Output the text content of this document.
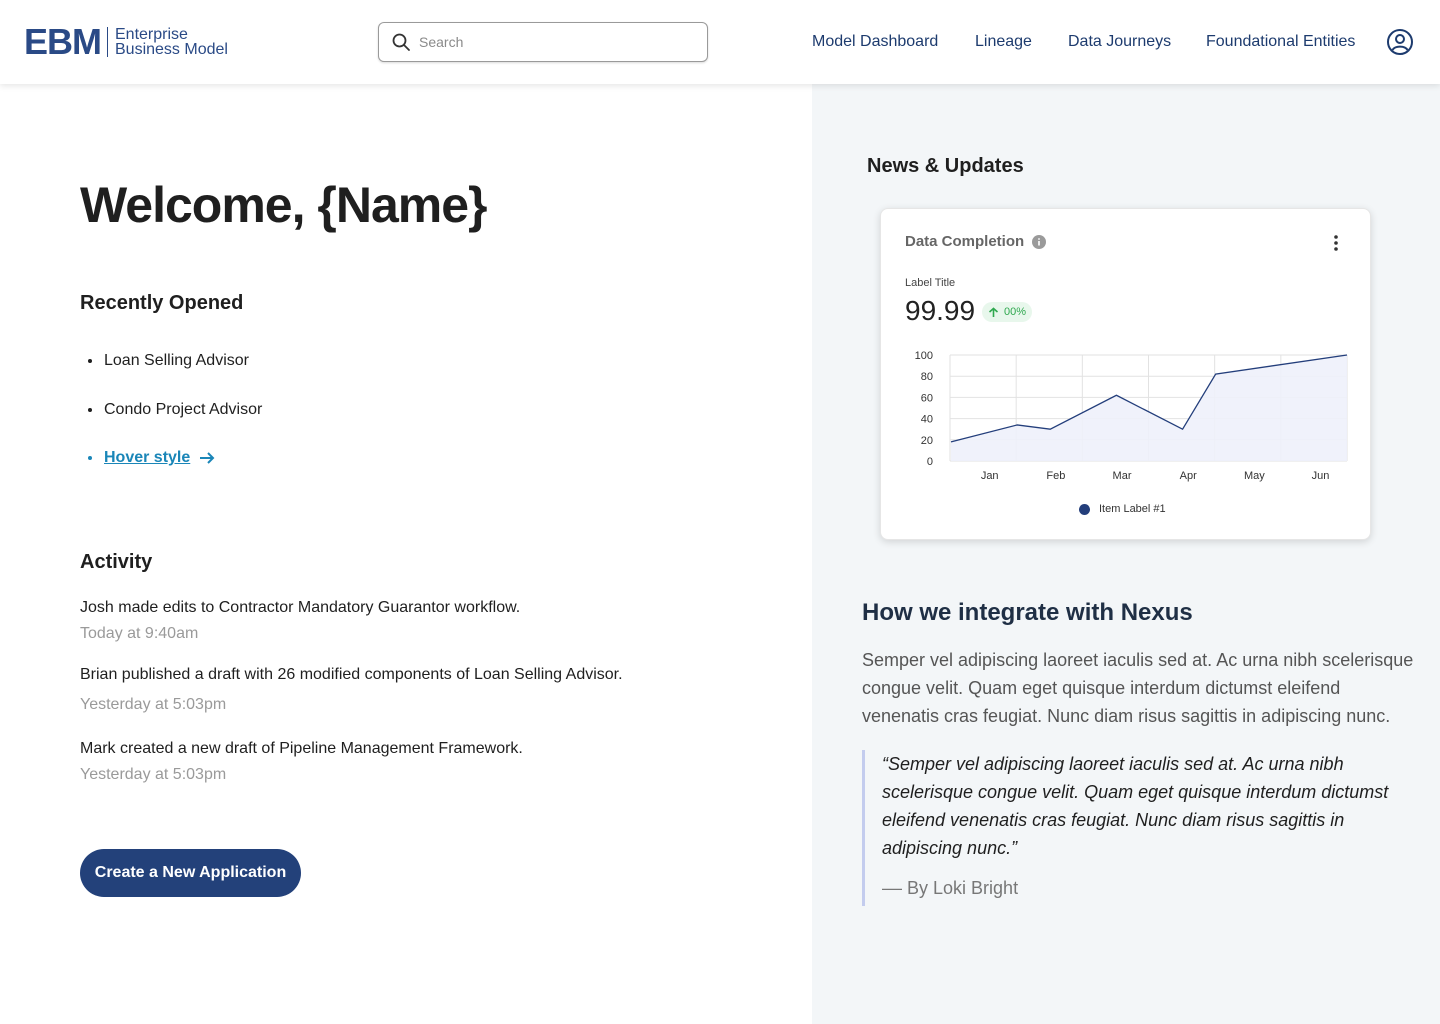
EBM Enterprise
Business Model
Search	Model Dashboard Lineage Data Journeys Foundational Entities
Welcome, {Name}
Recently Opened
Loan Selling Advisor
Condo Project Advisor
Hover style
Activity
Josh made edits to Contractor Mandatory Guarantor workflow.
Today at 9:40am
Brian published a draft with 26 modified components of Loan Selling Advisor.
Yesterday at 5:03pm
Mark created a new draft of Pipeline Management Framework.
Yesterday at 5:03pm
Create a New Application
News & Updates
Data Completion
Label Title
99.99	00%
100
80
60
40
20
0
Jan	Feb	Mar	Apr	May	Jun
Item Label #1
How we integrate with Nexus

Semper vel adipiscing laoreet iaculis sed at. Ac urna nibh scelerisque congue velit. Quam eget quisque interdum dictumst eleifend venenatis cras feugiat. Nunc diam risus sagittis in adipiscing nunc.

“Semper vel adipiscing laoreet iaculis sed at. Ac urna nibh scelerisque congue velit. Quam eget quisque interdum dictumst eleifend venenatis cras feugiat. Nunc diam risus sagittis in adipiscing nunc.”

–– By Loki Bright
